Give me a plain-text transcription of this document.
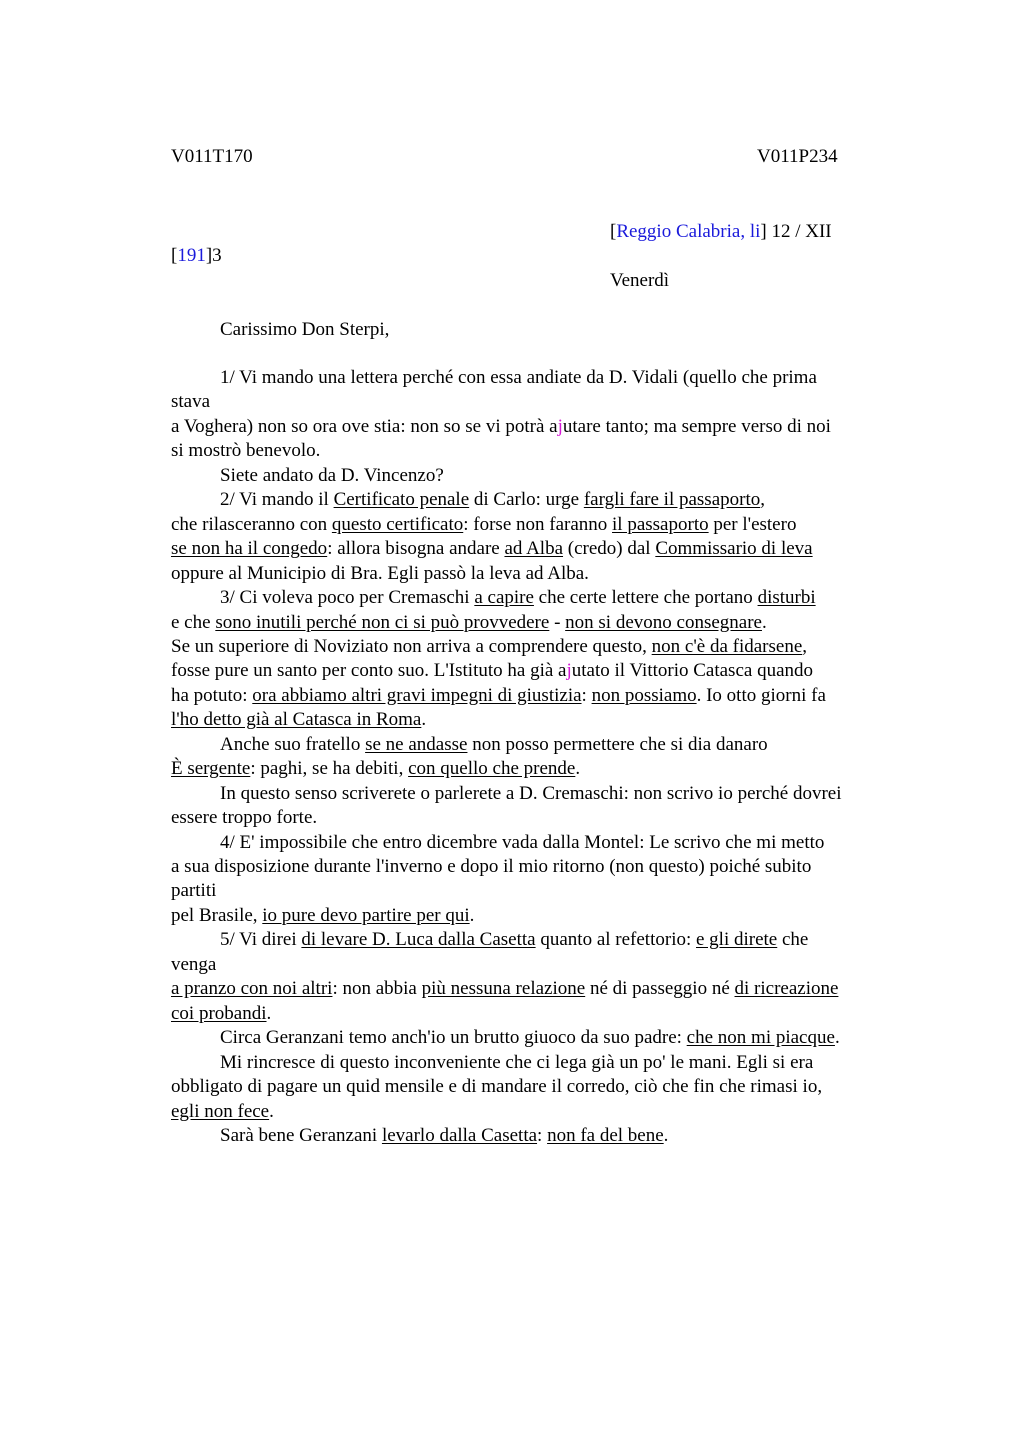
V011T170	V011P234
[Reggio Calabria, li] 12 / XII
[191]3
Venerdì
Carissimo Don Sterpi,
1/ Vi mando una lettera perché con essa andiate da D. Vidali (quello che prima
stava
a Voghera) non so ora ove stia: non so se vi potrà ajutare tanto; ma sempre verso di noi
si mostrò benevolo.
Siete andato da D. Vincenzo?
2/ Vi mando il Certificato penale di Carlo: urge fargli fare il passaporto,
che rilasceranno con questo certificato: forse non faranno il passaporto per l'estero
se non ha il congedo: allora bisogna andare ad Alba (credo) dal Commissario di leva
oppure al Municipio di Bra. Egli passò la leva ad Alba.
3/ Ci voleva poco per Cremaschi a capire che certe lettere che portano disturbi
e che sono inutili perché non ci si può provvedere - non si devono consegnare.
Se un superiore di Noviziato non arriva a comprendere questo, non c'è da fidarsene,
fosse pure un santo per conto suo. L'Istituto ha già ajutato il Vittorio Catasca quando
ha potuto: ora abbiamo altri gravi impegni di giustizia: non possiamo. Io otto giorni fa
l'ho detto già al Catasca in Roma.
Anche suo fratello se ne andasse non posso permettere che si dia danaro
È sergente: paghi, se ha debiti, con quello che prende.
In questo senso scriverete o parlerete a D. Cremaschi: non scrivo io perché dovrei
essere troppo forte.
4/ E' impossibile che entro dicembre vada dalla Montel: Le scrivo che mi metto
a sua disposizione durante l'inverno e dopo il mio ritorno (non questo) poiché subito
partiti
pel Brasile, io pure devo partire per qui.
5/ Vi direi di levare D. Luca dalla Casetta quanto al refettorio: e gli direte che
venga
a pranzo con noi altri: non abbia più nessuna relazione né di passeggio né di ricreazione
coi probandi.
Circa Geranzani temo anch'io un brutto giuoco da suo padre: che non mi piacque.
Mi rincresce di questo inconveniente che ci lega già un po' le mani. Egli si era
obbligato di pagare un quid mensile e di mandare il corredo, ciò che fin che rimasi io,
egli non fece.
Sarà bene Geranzani levarlo dalla Casetta: non fa del bene.
